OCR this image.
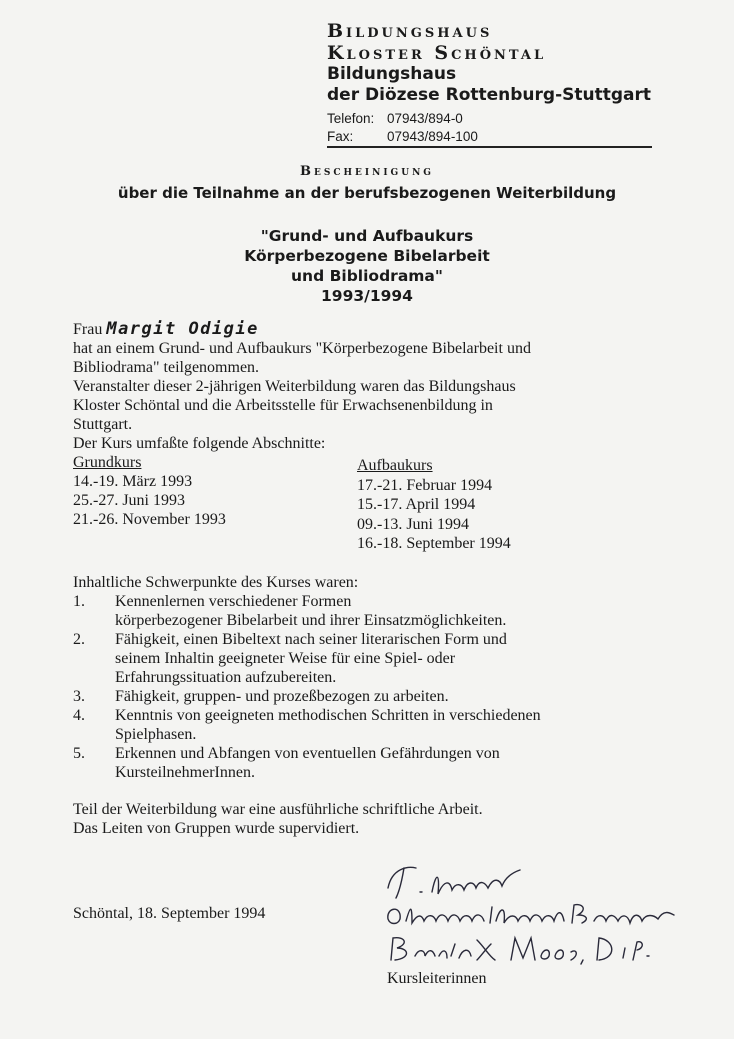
Bildungshaus
Kloster Schöntal
Bildungshaus
der Diözese Rottenburg-Stuttgart
Telefon: 07943/894-0
Fax: 07943/894-100
Bescheinigung
über die Teilnahme an der berufsbezogenen Weiterbildung
"Grund- und Aufbaukurs
Körperbezogene Bibelarbeit
und Bibliodrama"
1993/1994
Frau Margit Odigie
hat an einem Grund- und Aufbaukurs "Körperbezogene Bibelarbeit und
Bibliodrama" teilgenommen.
Veranstalter dieser 2-jährigen Weiterbildung waren das Bildungshaus
Kloster Schöntal und die Arbeitsstelle für Erwachsenenbildung in
Stuttgart.
Der Kurs umfaßte folgende Abschnitte:
Grundkurs
14.-19. März 1993
25.-27. Juni 1993
21.-26. November 1993
Aufbaukurs
17.-21. Februar 1994
15.-17. April 1994
09.-13. Juni 1994
16.-18. September 1994
Inhaltliche Schwerpunkte des Kurses waren:
1. Kennenlernen verschiedener Formen
körperbezogener Bibelarbeit und ihrer Einsatzmöglichkeiten.
2. Fähigkeit, einen Bibeltext nach seiner literarischen Form und
seinem Inhaltin geeigneter Weise für eine Spiel- oder
Erfahrungssituation aufzubereiten.
3. Fähigkeit, gruppen- und prozeßbezogen zu arbeiten.
4. Kenntnis von geeigneten methodischen Schritten in verschiedenen
Spielphasen.
5. Erkennen und Abfangen von eventuellen Gefährdungen von
KursteilnehmerInnen.
Teil der Weiterbildung war eine ausführliche schriftliche Arbeit.
Das Leiten von Gruppen wurde supervidiert.
Schöntal, 18. September 1994
Kursleiterinnen
